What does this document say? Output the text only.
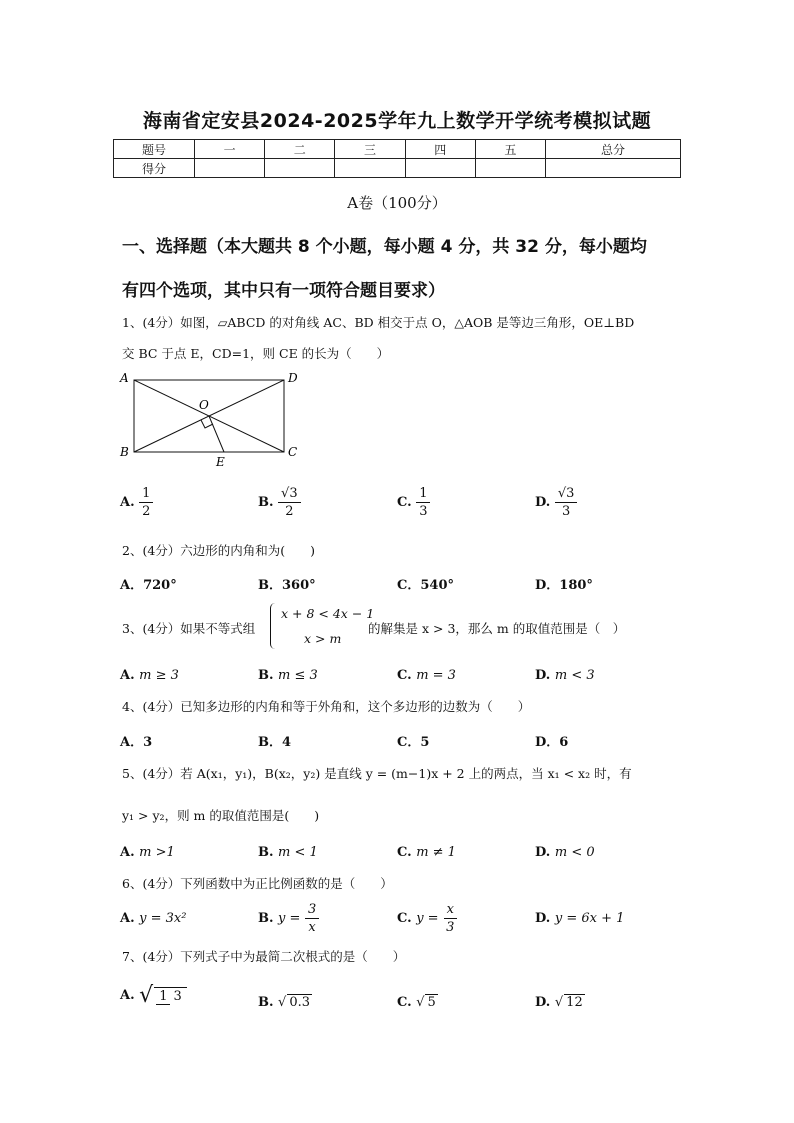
海南省定安县2024-2025学年九上数学开学统考模拟试题
题号	一	二	三	四	五	总分
得分						
A卷（100分）
一、选择题（本大题共 8 个小题，每小题 4 分，共 32 分，每小题均
有四个选项，其中只有一项符合题目要求）
1、(4分）如图，▱ABCD 的对角线 AC、BD 相交于点 O，△AOB 是等边三角形，OE⊥BD
交 BC 于点 E，CD=1，则 CE 的长为（　　）
A	D
O
B
E
C
A. $\frac{1}{2}$	B. $\frac{√3}{2}$	C. $\frac{1}{3}$	D. $\frac{√3}{3}$
2、(4分）六边形的内角和为(　　)
A．720°	B．360°	C．540°	D．180°
3、(4分）如果不等式组
x + 8 < 4x − 1
x > m
的解集是 x > 3，那么 m 的取值范围是（　）
A. m ≥ 3	B. m ≤ 3	C. m = 3	D. m < 3
4、(4分）已知多边形的内角和等于外角和，这个多边形的边数为（　　）
A．3	B．4	C．5	D．6
5、(4分）若 A(x₁，y₁)，B(x₂，y₂) 是直线 y = (m−1)x + 2 上的两点，当 x₁ < x₂ 时，有
y₁ > y₂，则 m 的取值范围是(　　)
A. m >1	B. m < 1	C. m ≠ 1	D. m < 0
6、(4分）下列函数中为正比例函数的是（　　）
A. y = 3x²	B. $y = \frac{3}{x}$	C. $y = \frac{x}{3}$	D. y = 6x + 1
7、(4分）下列式子中为最简二次根式的是（　　）
A. √ 1 3	B. √ 0.3	C. √ 5	D. √ 12
